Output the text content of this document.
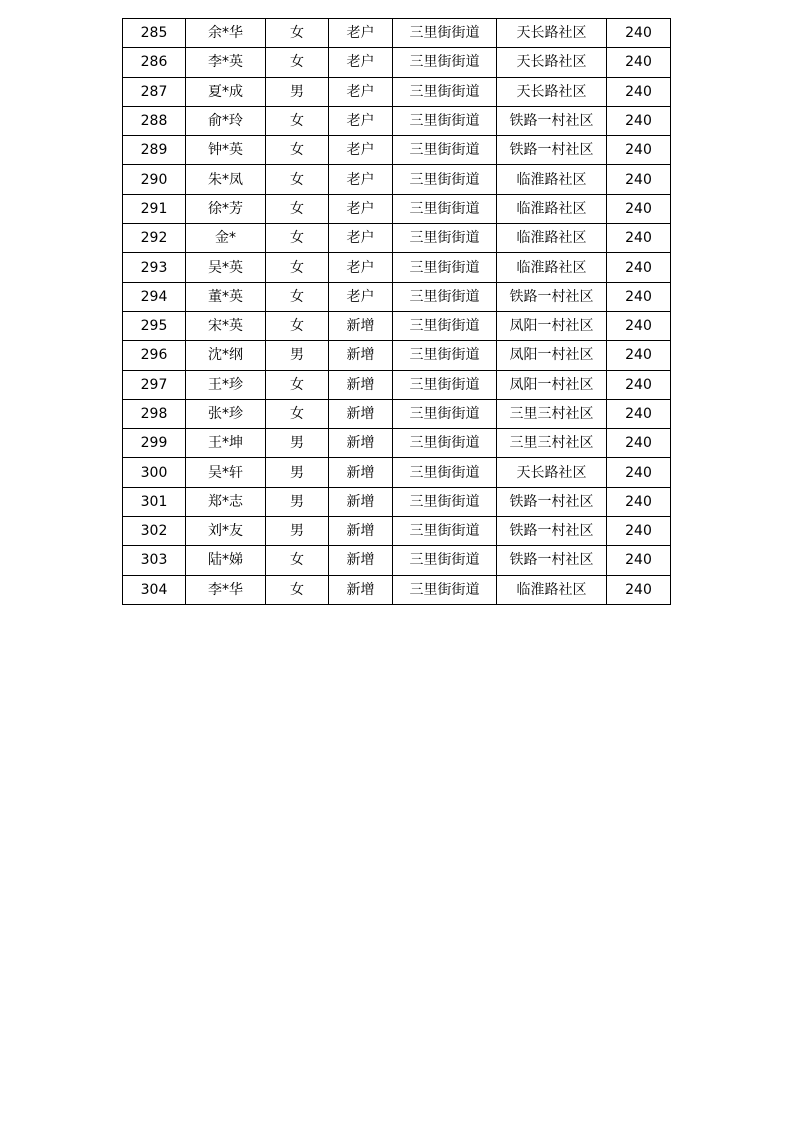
285	余*华	女	老户	三里街街道	天长路社区	240
286	李*英	女	老户	三里街街道	天长路社区	240
287	夏*成	男	老户	三里街街道	天长路社区	240
288	俞*玲	女	老户	三里街街道	铁路一村社区	240
289	钟*英	女	老户	三里街街道	铁路一村社区	240
290	朱*凤	女	老户	三里街街道	临淮路社区	240
291	徐*芳	女	老户	三里街街道	临淮路社区	240
292	金*	女	老户	三里街街道	临淮路社区	240
293	吴*英	女	老户	三里街街道	临淮路社区	240
294	董*英	女	老户	三里街街道	铁路一村社区	240
295	宋*英	女	新增	三里街街道	凤阳一村社区	240
296	沈*纲	男	新增	三里街街道	凤阳一村社区	240
297	王*珍	女	新增	三里街街道	凤阳一村社区	240
298	张*珍	女	新增	三里街街道	三里三村社区	240
299	王*坤	男	新增	三里街街道	三里三村社区	240
300	吴*轩	男	新增	三里街街道	天长路社区	240
301	郑*志	男	新增	三里街街道	铁路一村社区	240
302	刘*友	男	新增	三里街街道	铁路一村社区	240
303	陆*娣	女	新增	三里街街道	铁路一村社区	240
304	李*华	女	新增	三里街街道	临淮路社区	240
